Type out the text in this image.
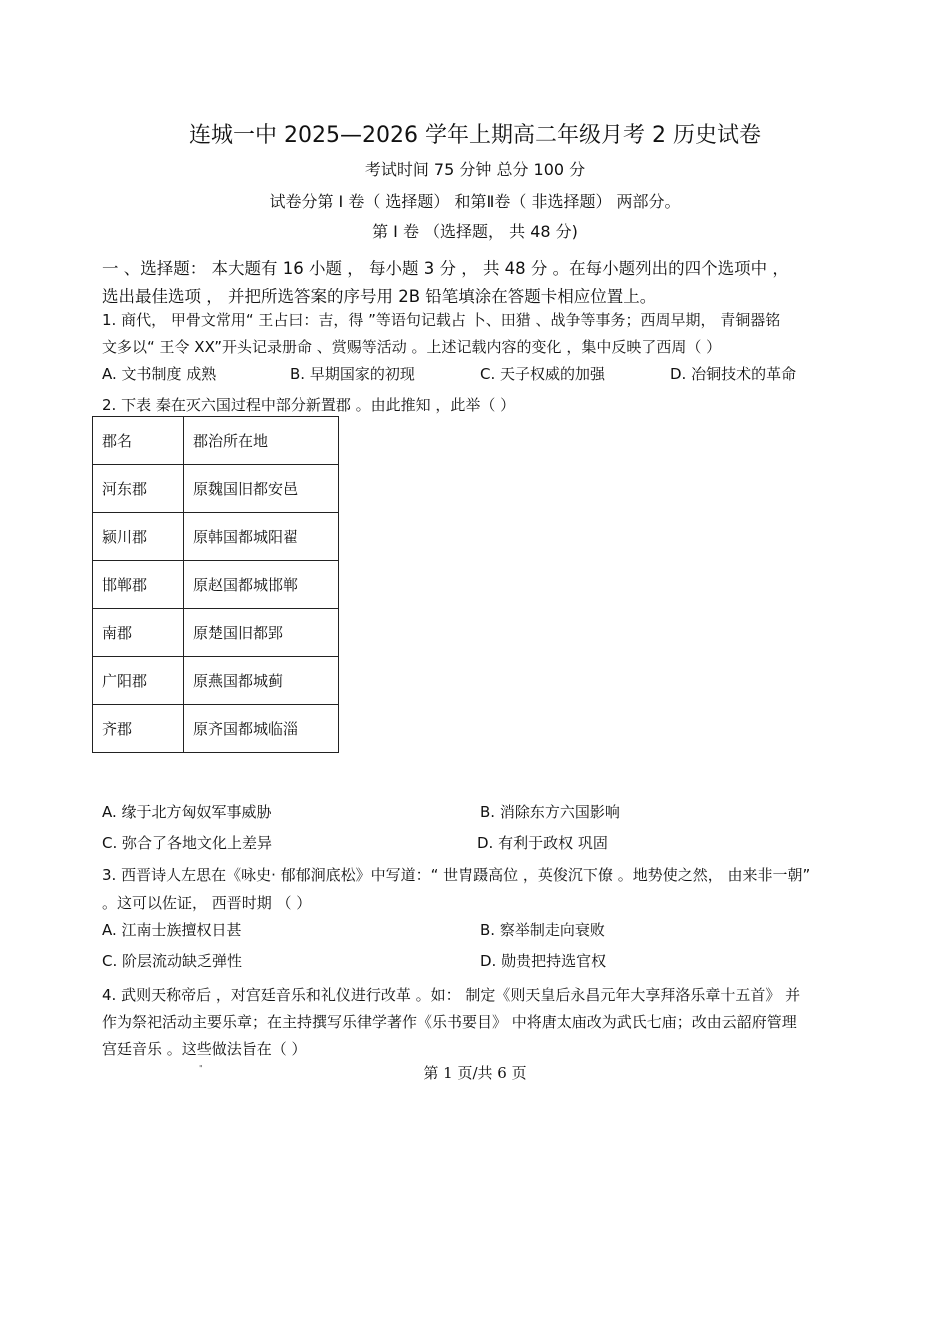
连城一中 2025—2026 学年上期高二年级月考 2 历史试卷
考试时间 75 分钟 总分 100 分
试卷分第 Ⅰ 卷（ 选择题） 和第Ⅱ卷（ 非选择题） 两部分。
第 Ⅰ 卷 （选择题， 共 48 分)
一 、选择题： 本大题有 16 小题 ， 每小题 3 分 ， 共 48 分 。在每小题列出的四个选项中 ，
选出最佳选项 ， 并把所选答案的序号用 2B 铅笔填涂在答题卡相应位置上。
1. 商代， 甲骨文常用“ 王占曰：吉，得 ”等语句记载占 卜、田猎 、战争等事务；西周早期， 青铜器铭
文多以“ 王令 XX”开头记录册命 、赏赐等活动 。上述记载内容的变化 ，集中反映了西周（ ）
A. 文书制度 成熟	B. 早期国家的初现	C. 天子权威的加强	D. 冶铜技术的革命
2. 下表 秦在灭六国过程中部分新置郡 。由此推知 ，此举（ ）
郡名	郡治所在地
河东郡	原魏国旧都安邑
颍川郡	原韩国都城阳翟
邯郸郡	原赵国都城邯郸
南郡	原楚国旧都郢
广阳郡	原燕国都城蓟
齐郡	原齐国都城临淄
A. 缘于北方匈奴军事威胁	B. 消除东方六国影响
C. 弥合了各地文化上差异	D. 有利于政权 巩固
3. 西晋诗人左思在《咏史· 郁郁涧底松》中写道：“ 世胄蹑高位 ，英俊沉下僚 。地势使之然， 由来非一朝”
。这可以佐证， 西晋时期 （ ）
A. 江南士族擅权日甚	B. 察举制走向衰败
C. 阶层流动缺乏弹性	D. 勋贵把持选官权
4. 武则天称帝后 ，对宫廷音乐和礼仪进行改革 。如： 制定《则天皇后永昌元年大享拜洛乐章十五首》 并
作为祭祀活动主要乐章；在主持撰写乐律学著作《乐书要目》 中将唐太庙改为武氏七庙；改由云韶府管理
宫廷音乐 。这些做法旨在（ ）
"	第 1 页/共 6 页
